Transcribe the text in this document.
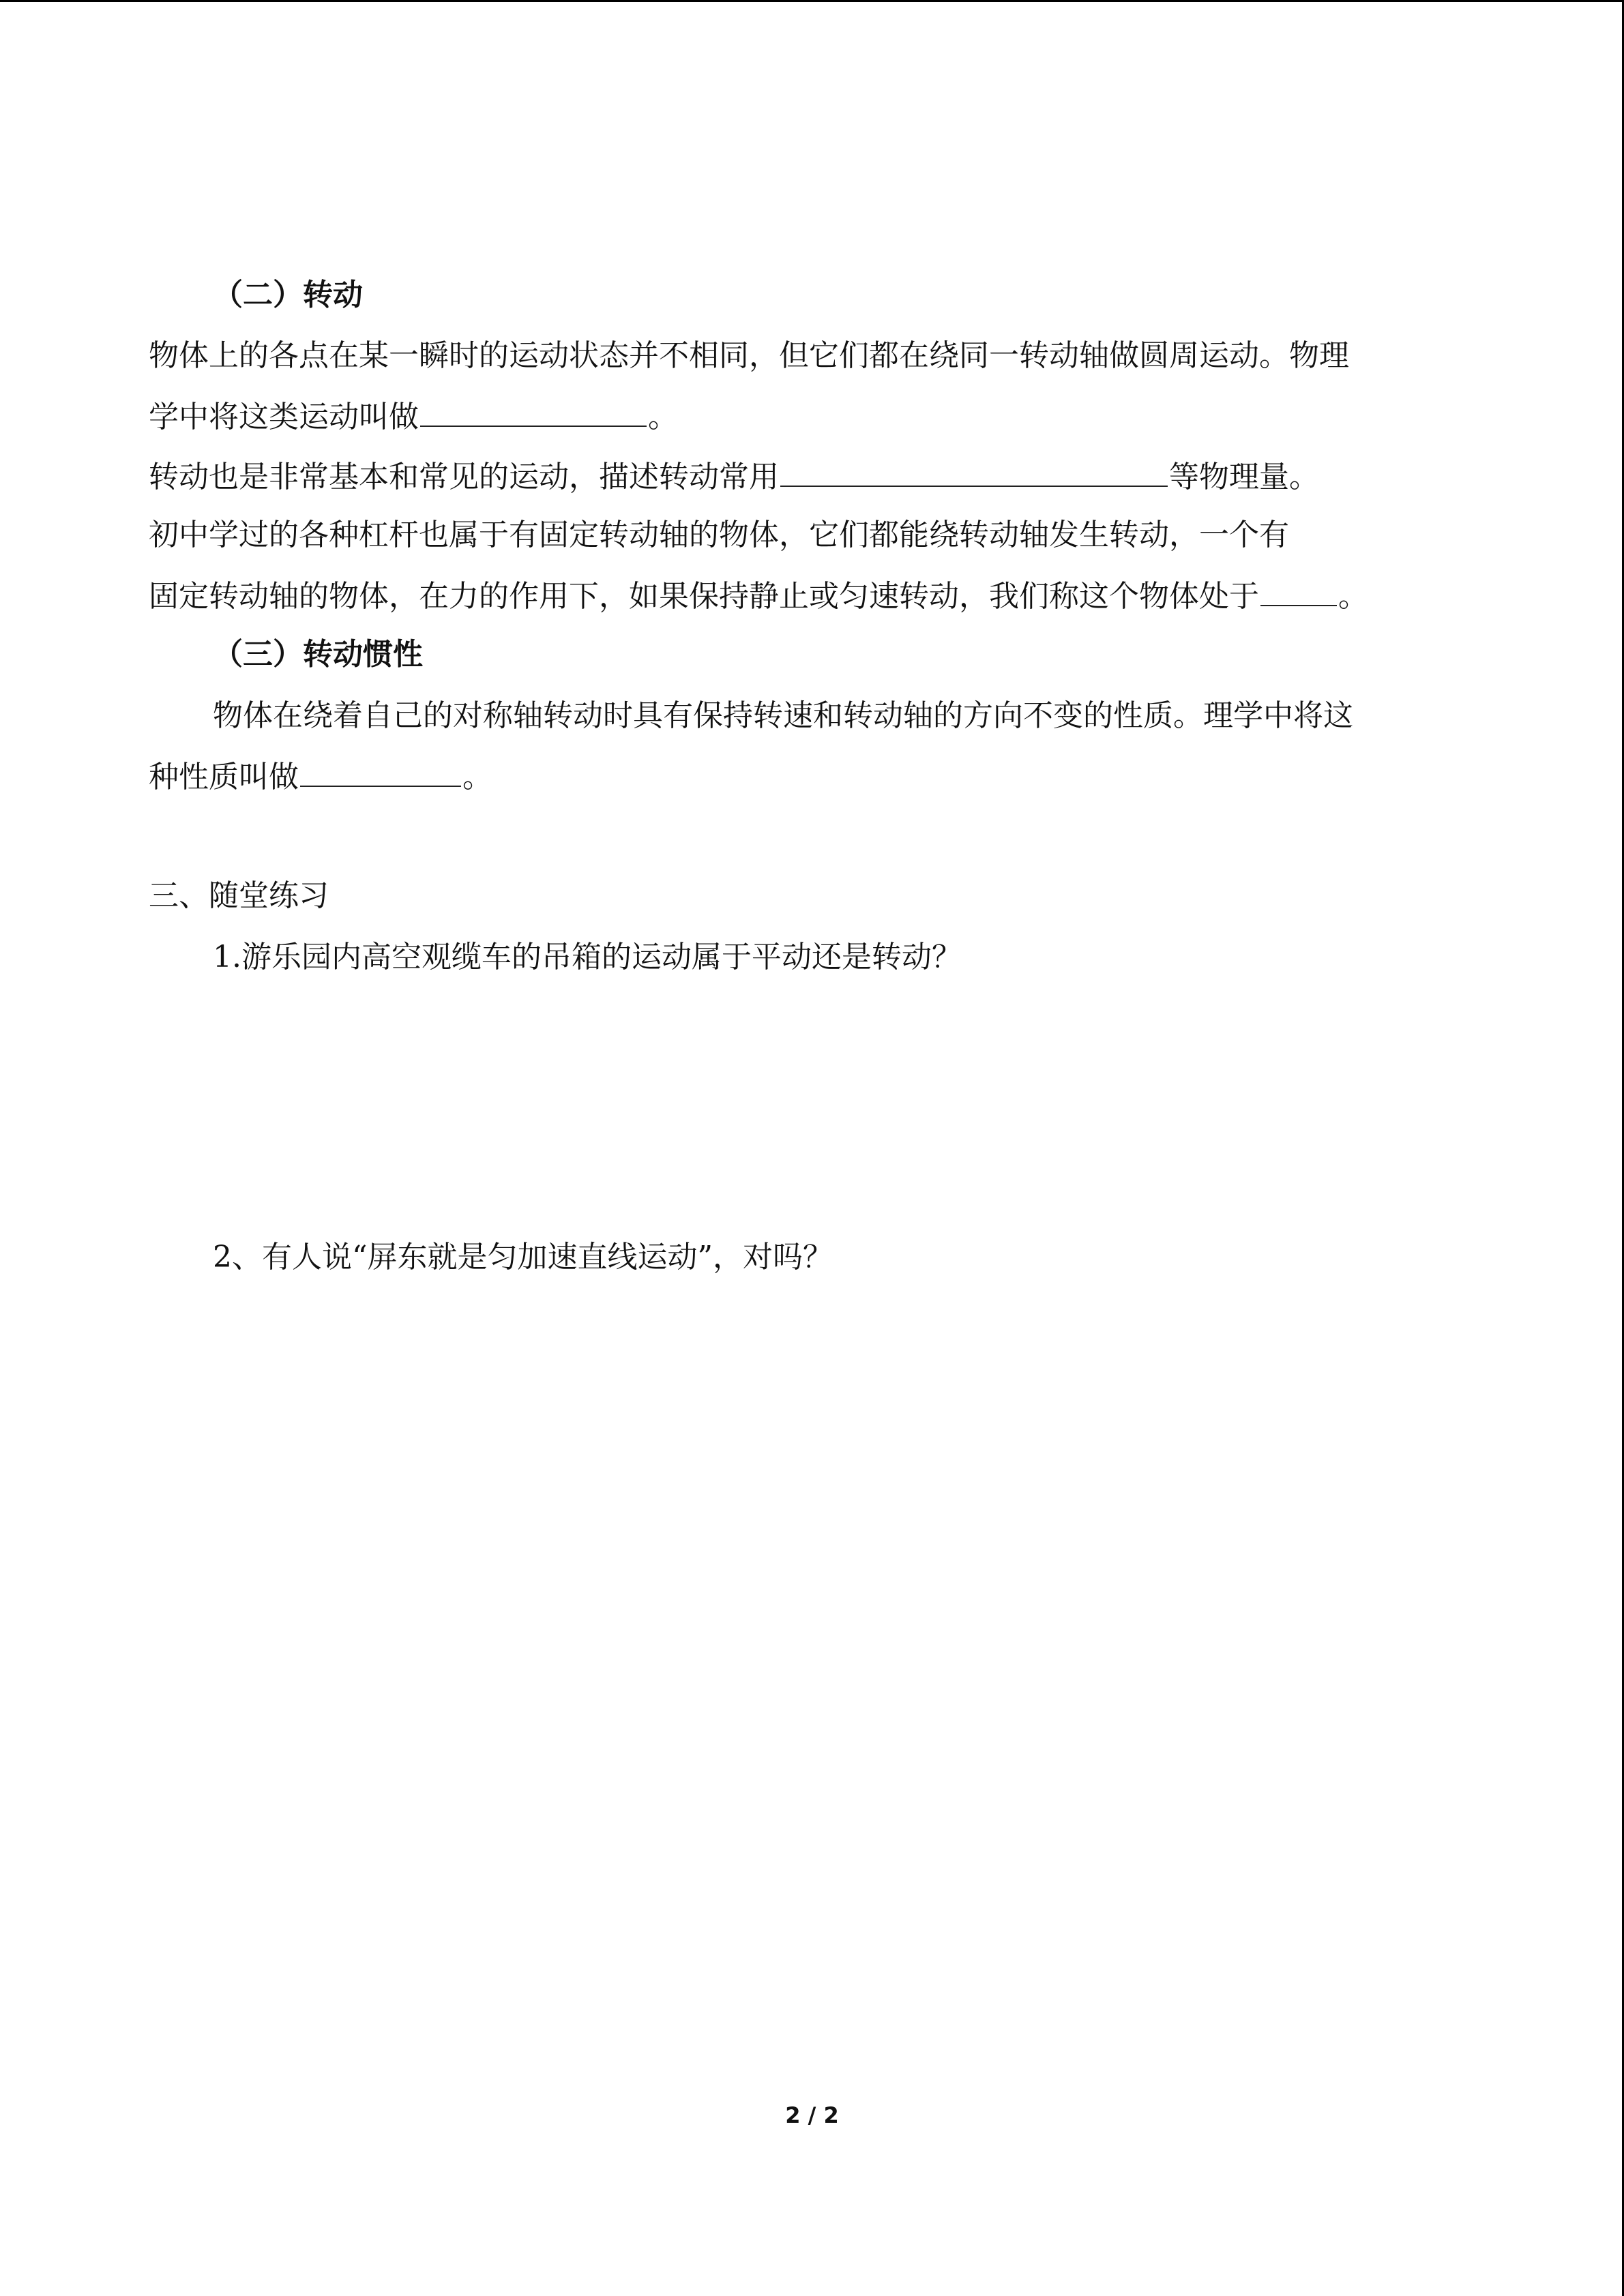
（二）转动
物体上的各点在某一瞬时的运动状态并不相同，但它们都在绕同一转动轴做圆周运动。物理
学中将这类运动叫做	。
转动也是非常基本和常见的运动，描述转动常用	等物理量。
初中学过的各种杠杆也属于有固定转动轴的物体，它们都能绕转动轴发生转动，一个有
固定转动轴的物体，在力的作用下，如果保持静止或匀速转动，我们称这个物体处于	。
（三）转动惯性
物体在绕着自己的对称轴转动时具有保持转速和转动轴的方向不变的性质。理学中将这
种性质叫做	。
三、随堂练习
1.游乐园内高空观缆车的吊箱的运动属于平动还是转动？
2、有人说“屏东就是匀加速直线运动”，对吗？
2 / 2
